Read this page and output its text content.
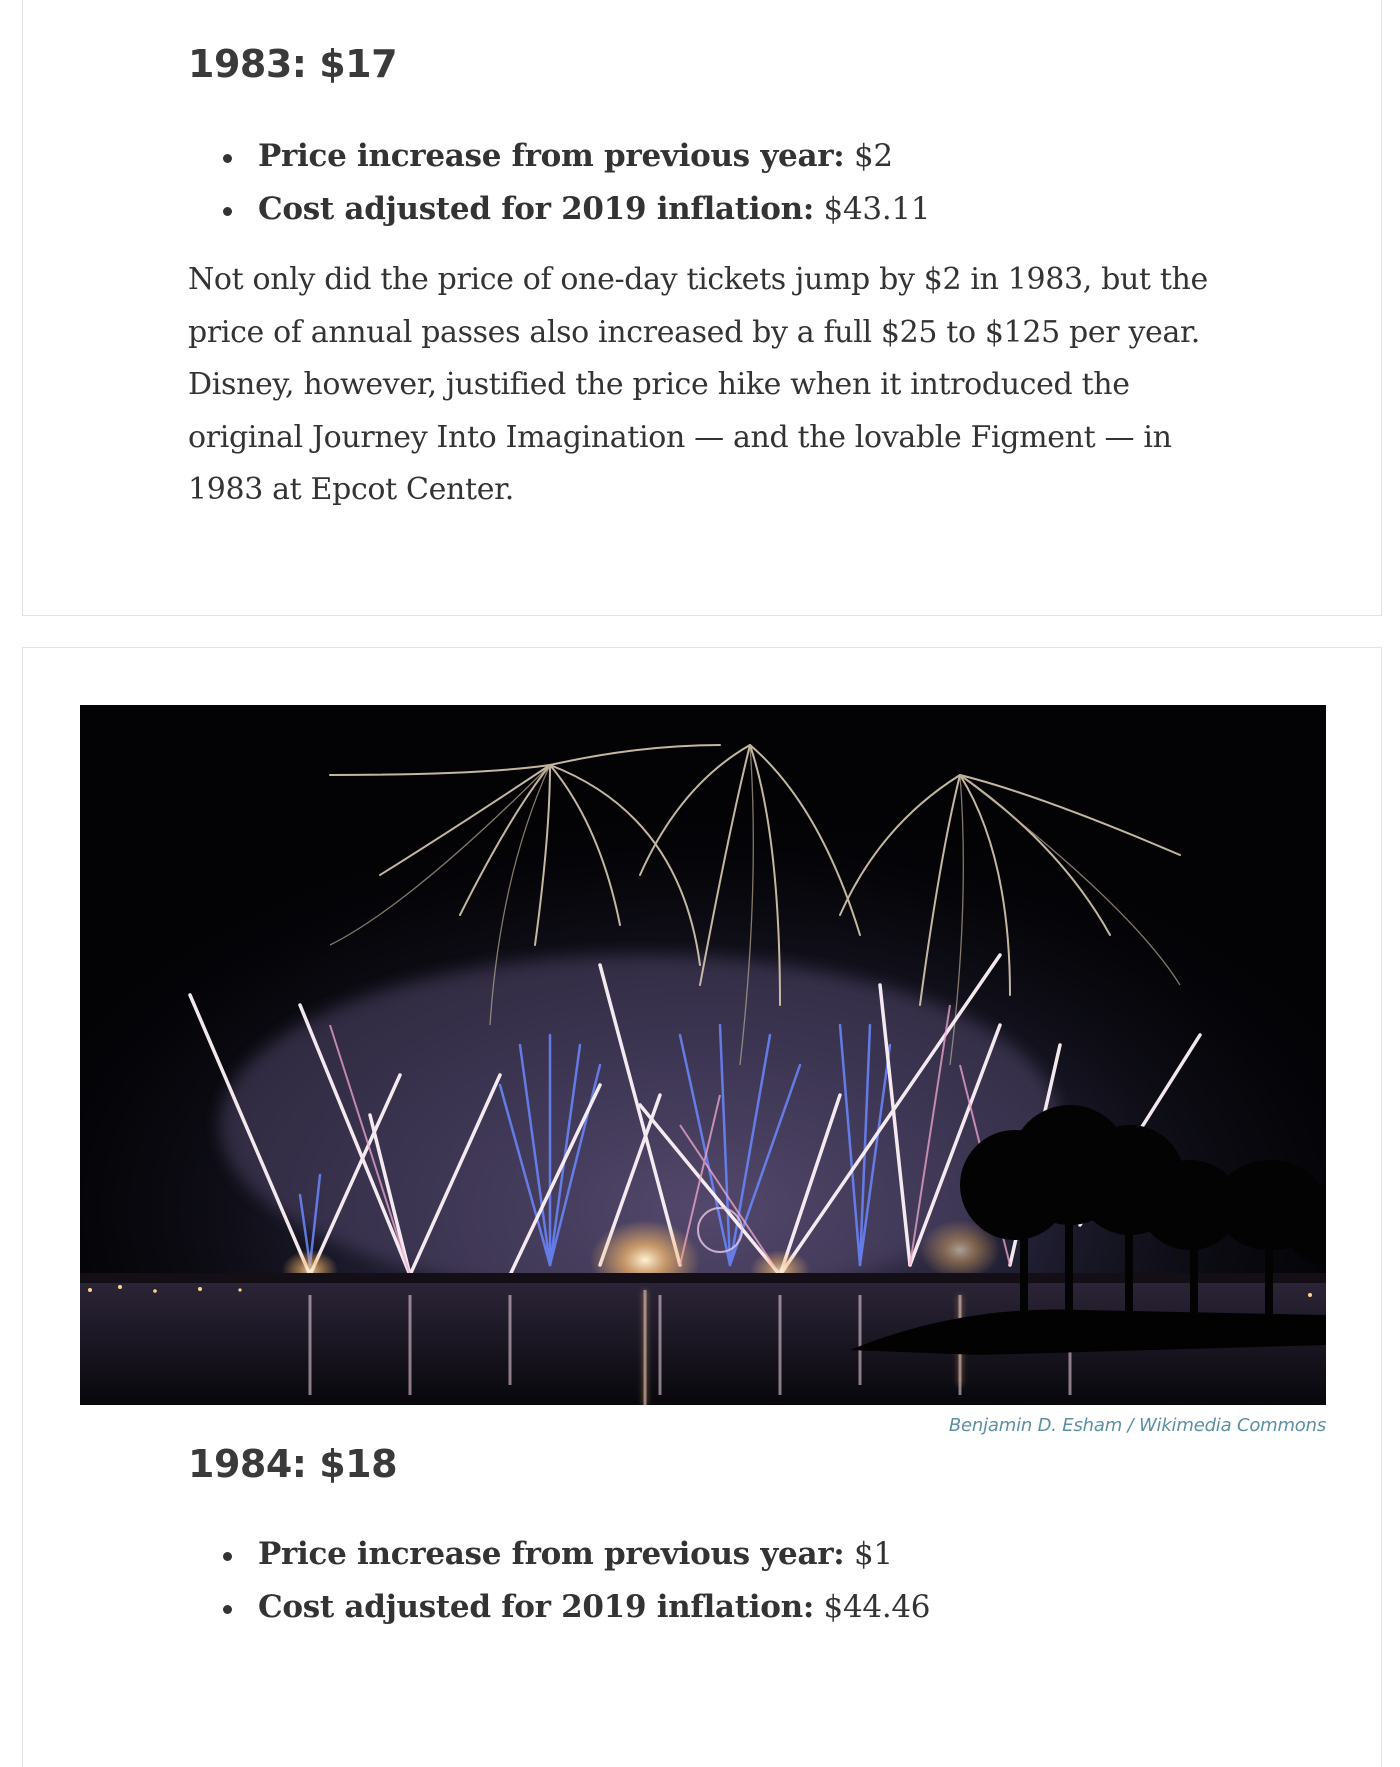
1983: $17
Price increase from previous year: $2
Cost adjusted for 2019 inflation: $43.11

Not only did the price of one-day tickets jump by $2 in 1983, but the
price of annual passes also increased by a full $25 to $125 per year.
Disney, however, justified the price hike when it introduced the
original Journey Into Imagination — and the lovable Figment — in
1983 at Epcot Center.

Benjamin D. Esham / Wikimedia Commons
1984: $18
Price increase from previous year: $1
Cost adjusted for 2019 inflation: $44.46
